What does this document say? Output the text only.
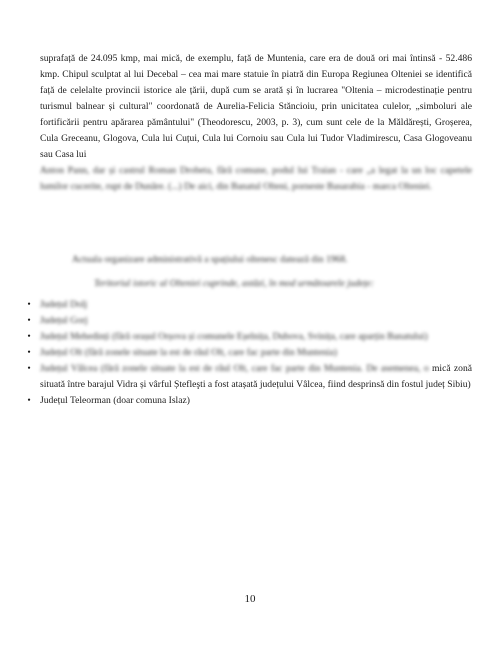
suprafață de 24.095 kmp, mai mică, de exemplu, față de Muntenia, care era de două ori mai întinsă - 52.486 kmp. Chipul sculptat al lui Decebal – cea mai mare statuie în piatră din Europa Regiunea Olteniei se identifică față de celelalte provincii istorice ale țării, după cum se arată și în lucrarea "Oltenia – microdestinație pentru turismul balnear și cultural" coordonată de Aurelia-Felicia Stăncioiu, prin unicitatea culelor, „simboluri ale fortificării pentru apărarea pământului" (Theodorescu, 2003, p. 3), cum sunt cele de la Măldărești, Groșerea, Cula Greceanu, Glogova, Cula lui Cuțui, Cula lui Cornoiu sau Cula lui Tudor Vladimirescu, Casa Glogoveanu sau Casa lui

Anton Pann, dar și castrul Roman Drobeta, fără comune, podul lui Traian - care „a legat la un loc capetele lumilor cucerite, rupt de Dunăre. (...) De aici, din Banatul Olteni, porneste Basarabia - marca Olteniei.

Actuala organizare administrativă a spațiului oltenesc datează din 1968.

Teritoriul istoric al Olteniei cuprinde, astăzi, în mod următoarele județe:

• Județul Dolj
• Județul Gorj
• Județul Mehedinți (fără orașul Orșova și comunele Eșelnița, Dubova, Svinița, care aparțin Banatului)
• Județul Olt (fără zonele situate la est de râul Olt, care fac parte din Muntenia)
• Județul Vâlcea (fără zonele situate la est de râul Olt, care fac parte din Muntenia. De asemenea, o mică zonă situată între barajul Vidra și vârful Ștefleşti a fost atașată județului Vâlcea, fiind desprinsă din fostul județ Sibiu)
• Județul Teleorman (doar comuna Islaz)
10
